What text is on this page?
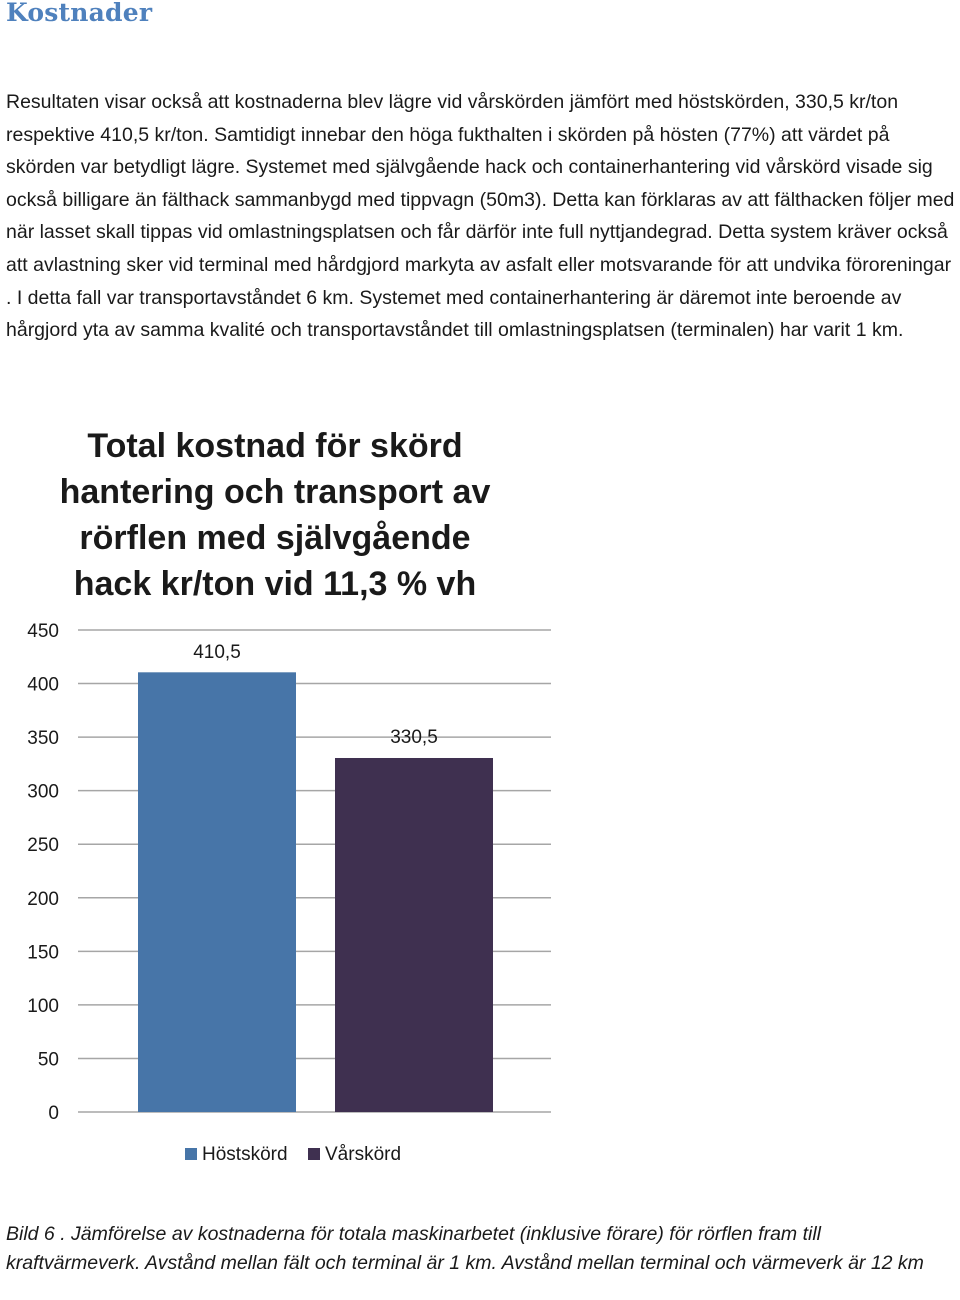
Kostnader

Resultaten visar också att kostnaderna blev lägre vid vårskörden jämfört med höstskörden, 330,5 kr/ton respektive 410,5 kr/ton. Samtidigt innebar den höga fukthalten i skörden på hösten (77%) att värdet på skörden var betydligt lägre. Systemet med självgående hack och containerhantering vid vårskörd visade sig också billigare än fälthack sammanbygd med tippvagn (50m3). Detta kan förklaras av att fälthacken följer med när lasset skall tippas vid omlastningsplatsen och får därför inte full nyttjandegrad. Detta system kräver också att avlastning sker vid terminal med hårdgjord markyta av asfalt eller motsvarande för att undvika föroreningar . I detta fall var transportavståndet 6 km. Systemet med containerhantering är däremot inte beroende av hårgjord yta av samma kvalité och transportavståndet till omlastningsplatsen (terminalen) har varit 1 km.

Total kostnad för skörd
hantering och transport av
rörflen med självgående
hack kr/ton vid 11,3 % vh
0
50
100
150
200
250
300
350
400
450
410,5
330,5
Höstskörd Vårskörd

Bild 6 . Jämförelse av kostnaderna för totala maskinarbetet (inklusive förare) för rörflen fram till kraftvärmeverk. Avstånd mellan fält och terminal är 1 km. Avstånd mellan terminal och värmeverk är 12 km
